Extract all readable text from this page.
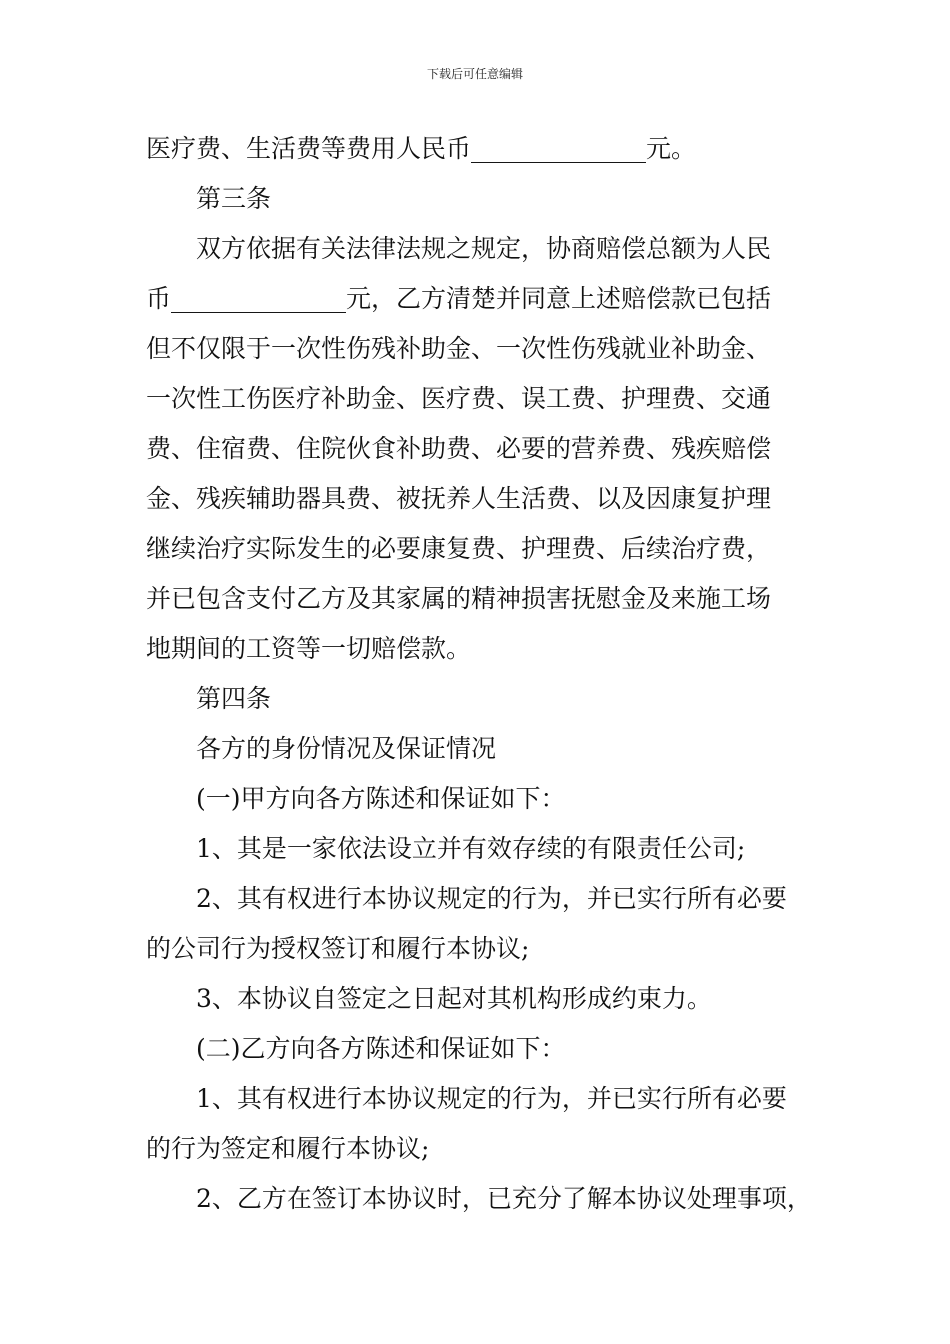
下载后可任意编辑
医疗费、生活费等费用人民币______________元。
第三条
双方依据有关法律法规之规定，协商赔偿总额为人民
币______________元，乙方清楚并同意上述赔偿款已包括
但不仅限于一次性伤残补助金、一次性伤残就业补助金、
一次性工伤医疗补助金、医疗费、误工费、护理费、交通
费、住宿费、住院伙食补助费、必要的营养费、残疾赔偿
金、残疾辅助器具费、被抚养人生活费、以及因康复护理
继续治疗实际发生的必要康复费、护理费、后续治疗费，
并已包含支付乙方及其家属的精神损害抚慰金及来施工场
地期间的工资等一切赔偿款。
第四条
各方的身份情况及保证情况
(一)甲方向各方陈述和保证如下：
1、其是一家依法设立并有效存续的有限责任公司;
2、其有权进行本协议规定的行为，并已实行所有必要
的公司行为授权签订和履行本协议;
3、本协议自签定之日起对其机构形成约束力。
(二)乙方向各方陈述和保证如下：
1、其有权进行本协议规定的行为，并已实行所有必要
的行为签定和履行本协议;
2、乙方在签订本协议时，已充分了解本协议处理事项，
